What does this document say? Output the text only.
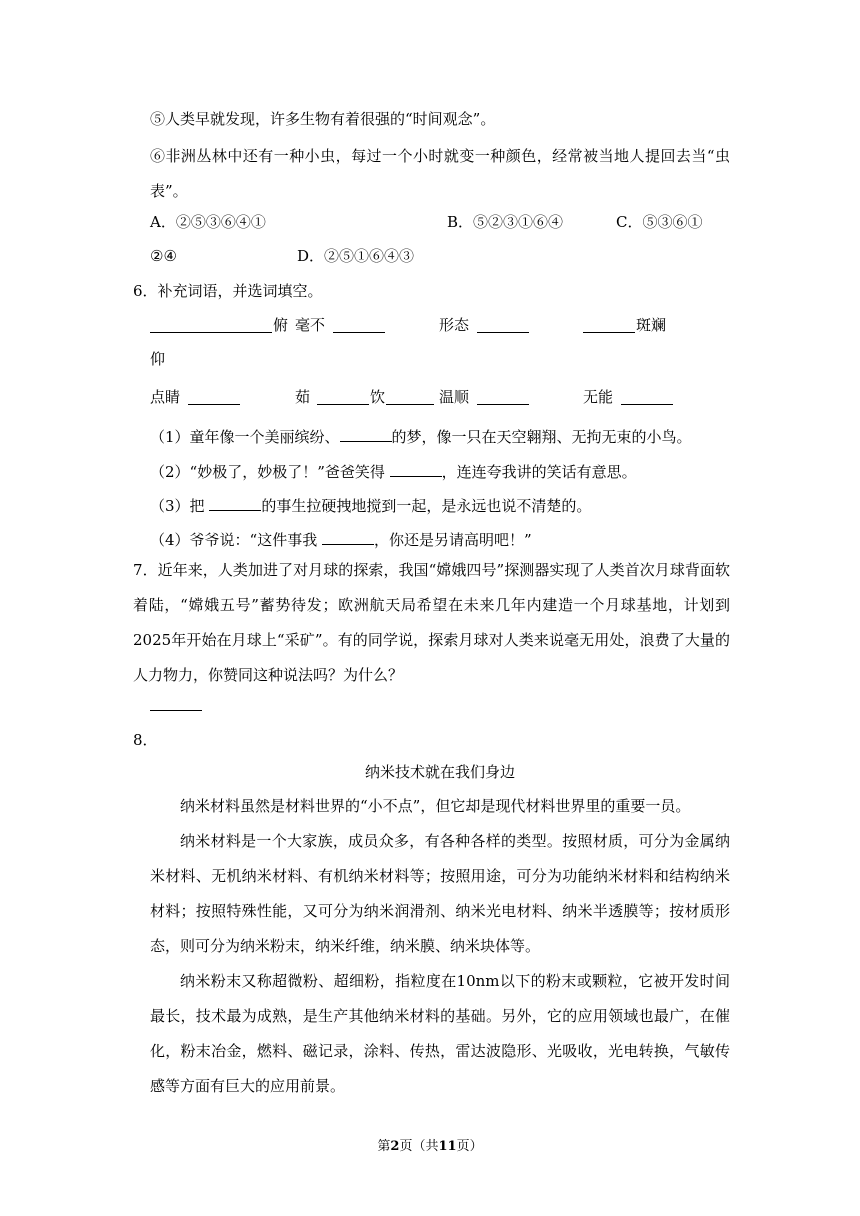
⑤人类早就发现，许多生物有着很强的“时间观念”。
⑥非洲丛林中还有一种小虫，每过一个小时就变一种颜色，经常被当地人提回去当“虫表”。
A．②⑤③⑥④①	B．⑤②③①⑥④	C．⑤③⑥①
②④	D．②⑤①⑥④③
6．补充词语，并选词填空。
俯 毫不	形态	斑斓
仰
点睛	茹	饮	温顺	无能
（1）童年像一个美丽缤纷、	的梦，像一只在天空翱翔、无拘无束的小鸟。
（2）“妙极了，妙极了！”爸爸笑得	，连连夸我讲的笑话有意思。
（3）把	的事生拉硬拽地搅到一起，是永远也说不清楚的。
（4）爷爷说：“这件事我	，你还是另请高明吧！”
7．近年来，人类加进了对月球的探索，我国“嫦娥四号”探测器实现了人类首次月球背面软着陆，“嫦娥五号”蓄势待发；欧洲航天局希望在未来几年内建造一个月球基地，计划到2025年开始在月球上“采矿”。有的同学说，探索月球对人类来说毫无用处，浪费了大量的人力物力，你赞同这种说法吗？为什么？
8．
纳米技术就在我们身边
纳米材料虽然是材料世界的“小不点”，但它却是现代材料世界里的重要一员。
纳米材料是一个大家族，成员众多，有各种各样的类型。按照材质，可分为金属纳米材料、无机纳米材料、有机纳米材料等；按照用途，可分为功能纳米材料和结构纳米材料；按照特殊性能，又可分为纳米润滑剂、纳米光电材料、纳米半透膜等；按材质形态，则可分为纳米粉末，纳米纤维，纳米膜、纳米块体等。
纳米粉末又称超微粉、超细粉，指粒度在10nm以下的粉末或颗粒，它被开发时间最长，技术最为成熟，是生产其他纳米材料的基础。另外，它的应用领域也最广，在催化，粉末冶金，燃料、磁记录，涂料、传热，雷达波隐形、光吸收，光电转换，气敏传感等方面有巨大的应用前景。
第2页（共11页）
